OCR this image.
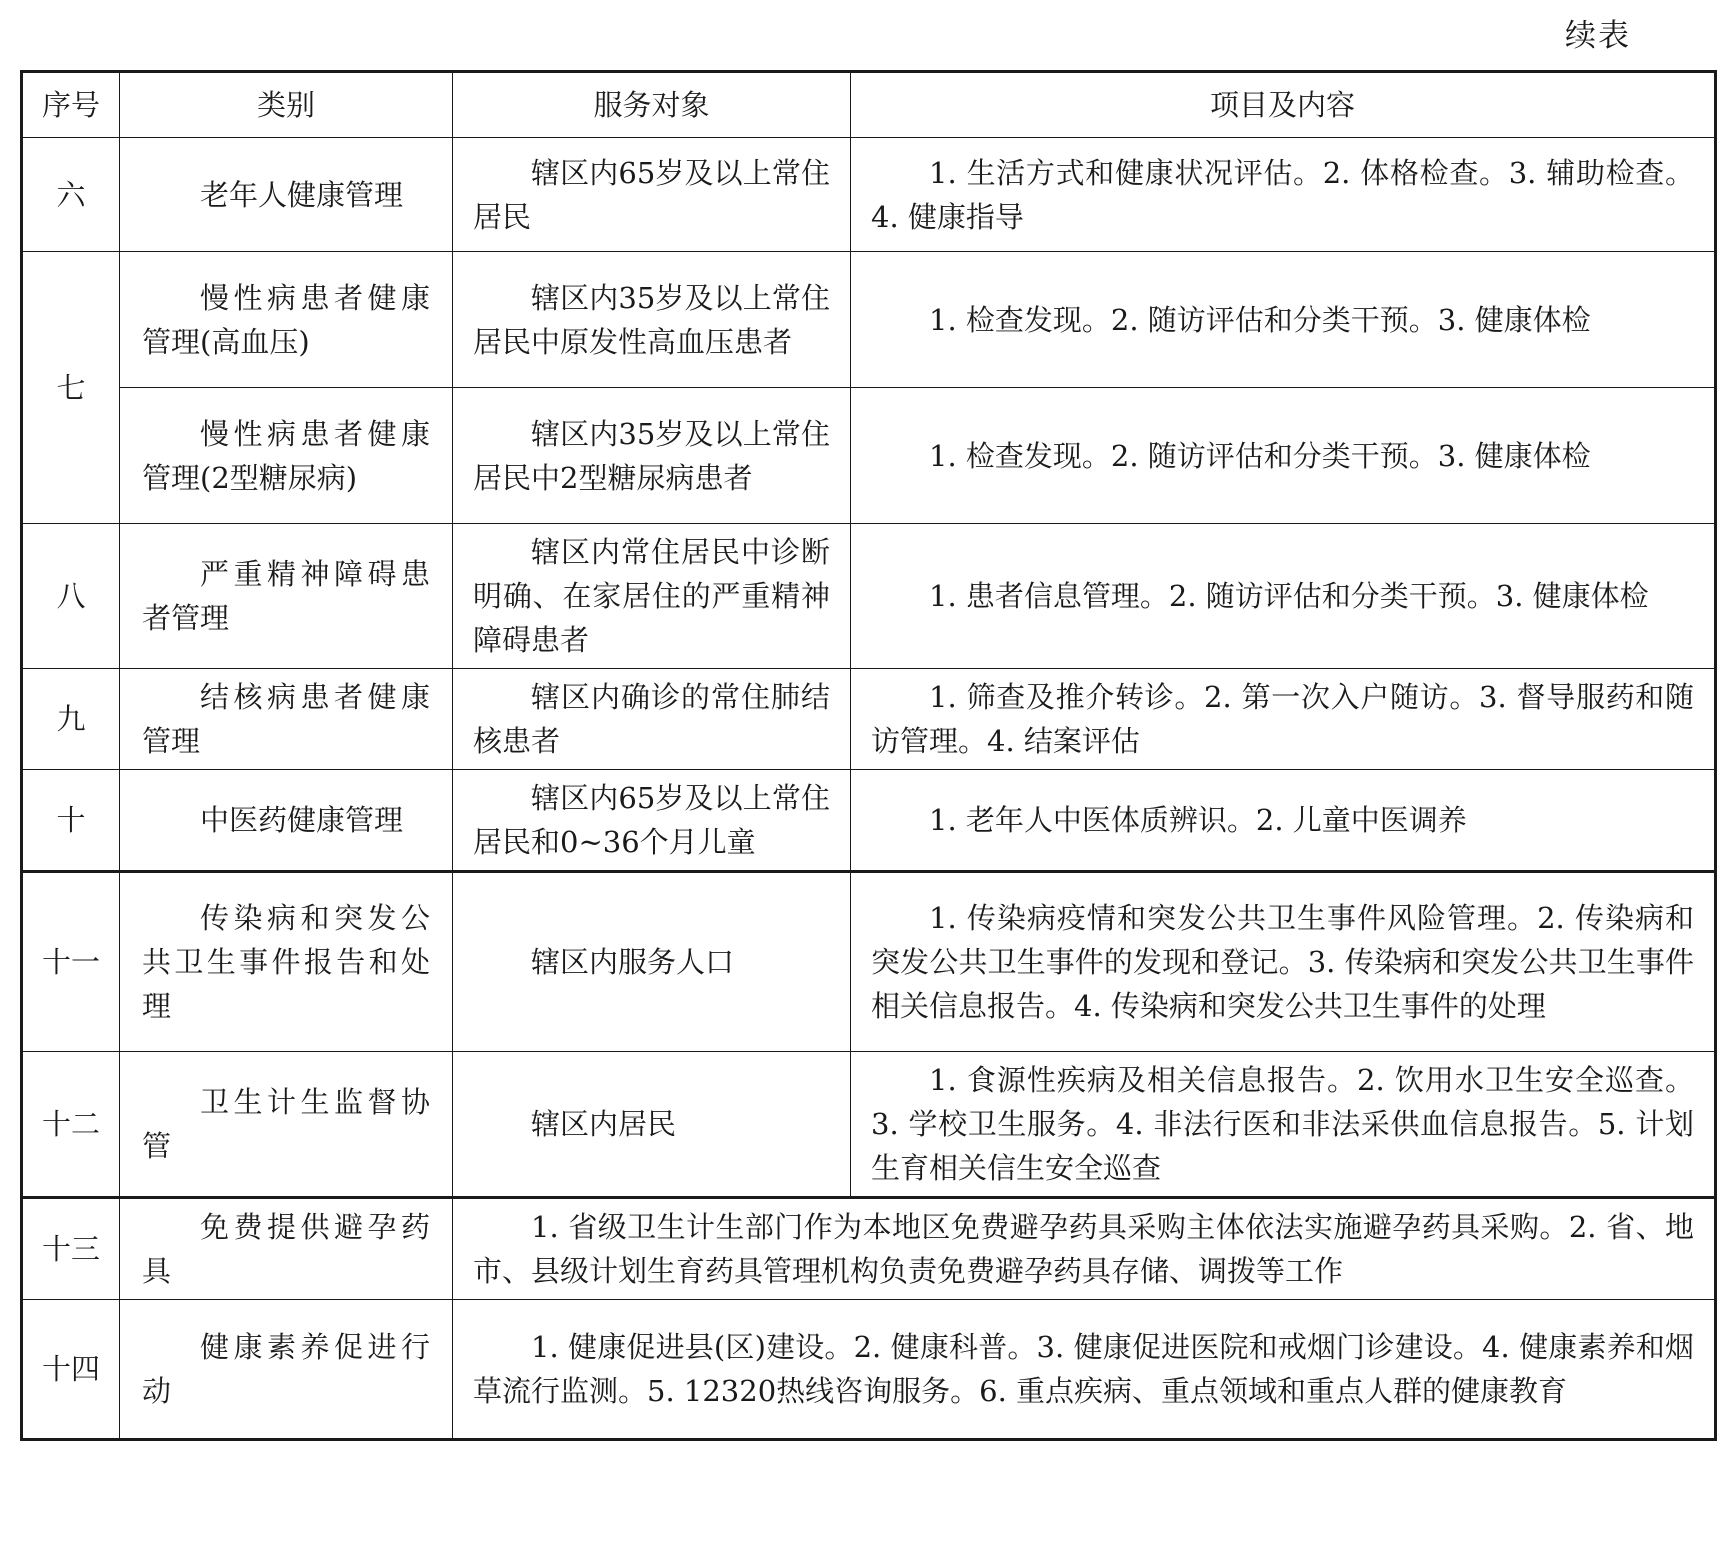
续表
序号	类别	服务对象	项目及内容
六	老年人健康管理	辖区内65岁及以上常住居民	1. 生活方式和健康状况评估。2. 体格检查。3. 辅助检查。4. 健康指导
七	慢性病患者健康管理(高血压)	辖区内35岁及以上常住居民中原发性高血压患者	1. 检查发现。2. 随访评估和分类干预。3. 健康体检
	慢性病患者健康管理(2型糖尿病)	辖区内35岁及以上常住居民中2型糖尿病患者	1. 检查发现。2. 随访评估和分类干预。3. 健康体检
八	严重精神障碍患者管理	辖区内常住居民中诊断明确、在家居住的严重精神障碍患者	1. 患者信息管理。2. 随访评估和分类干预。3. 健康体检
九	结核病患者健康管理	辖区内确诊的常住肺结核患者	1. 筛查及推介转诊。2. 第一次入户随访。3. 督导服药和随访管理。4. 结案评估
十	中医药健康管理	辖区内65岁及以上常住居民和0~36个月儿童	1. 老年人中医体质辨识。2. 儿童中医调养
十一	传染病和突发公共卫生事件报告和处理	辖区内服务人口	1. 传染病疫情和突发公共卫生事件风险管理。2. 传染病和突发公共卫生事件的发现和登记。3. 传染病和突发公共卫生事件相关信息报告。4. 传染病和突发公共卫生事件的处理
十二	卫生计生监督协管	辖区内居民	1. 食源性疾病及相关信息报告。2. 饮用水卫生安全巡查。3. 学校卫生服务。4. 非法行医和非法采供血信息报告。5. 计划生育相关信生安全巡查
十三	免费提供避孕药具	1. 省级卫生计生部门作为本地区免费避孕药具采购主体依法实施避孕药具采购。2. 省、地市、县级计划生育药具管理机构负责免费避孕药具存储、调拨等工作	
十四	健康素养促进行动	1. 健康促进县(区)建设。2. 健康科普。3. 健康促进医院和戒烟门诊建设。4. 健康素养和烟草流行监测。5. 12320热线咨询服务。6. 重点疾病、重点领域和重点人群的健康教育	
